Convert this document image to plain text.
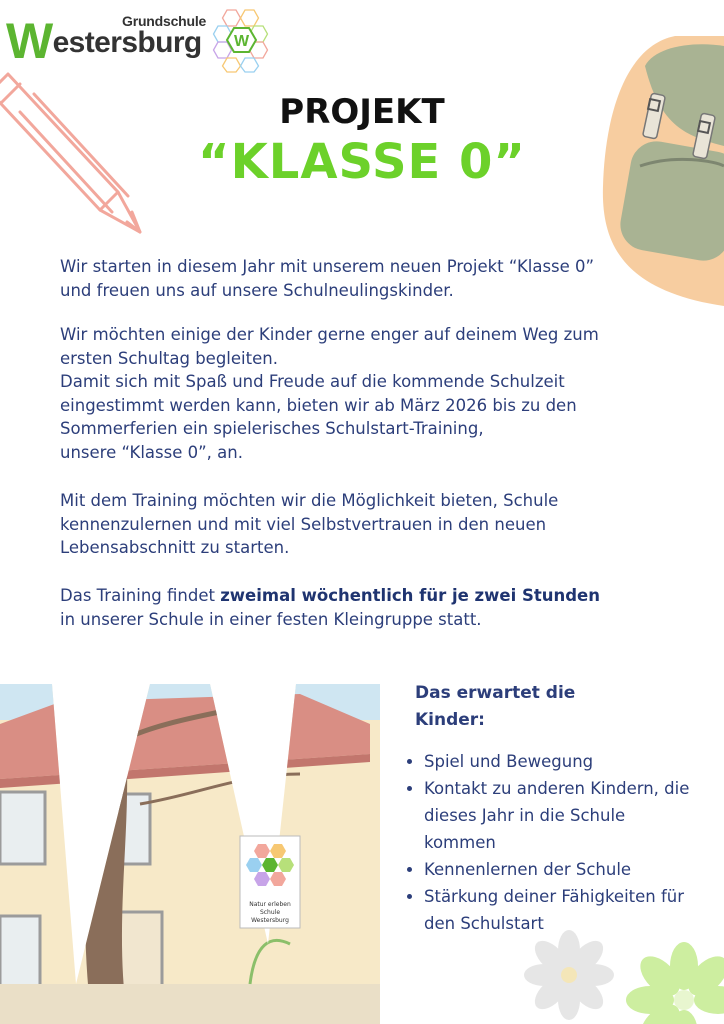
Grundschule
Westersburg W
PROJEKT
“KLASSE 0”
Wir starten in diesem Jahr mit unserem neuen Projekt “Klasse 0”
und freuen uns auf unsere Schulneulingskinder.
Wir möchten einige der Kinder gerne enger auf deinem Weg zum
ersten Schultag begleiten.
Damit sich mit Spaß und Freude auf die kommende Schulzeit
eingestimmt werden kann, bieten wir ab März 2026 bis zu den
Sommerferien ein spielerisches Schulstart-Training,
unsere “Klasse 0”, an.
Mit dem Training möchten wir die Möglichkeit bieten, Schule
kennenzulernen und mit viel Selbstvertrauen in den neuen
Lebensabschnitt zu starten.
Das Training findet zweimal wöchentlich für je zwei Stunden
in unserer Schule in einer festen Kleingruppe statt.
Natur erleben
Schule
Westersburg
Das erwartet die
Kinder:
• Spiel und Bewegung
• Kontakt zu anderen Kindern, die dieses Jahr in die Schule kommen
• Kennenlernen der Schule
• Stärkung deiner Fähigkeiten für den Schulstart
